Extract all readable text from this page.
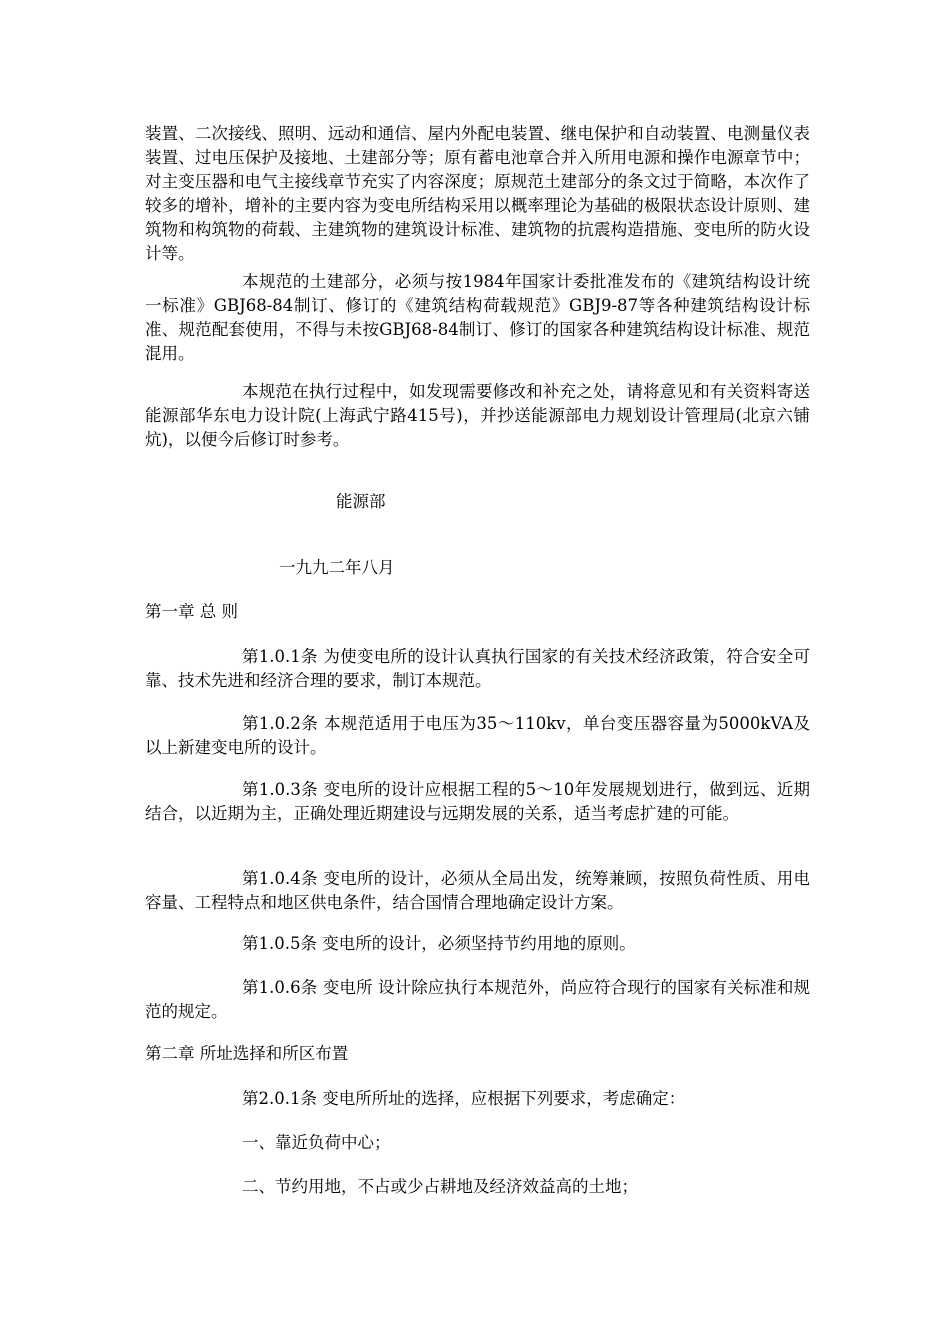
装置、二次接线、照明、远动和通信、屋内外配电装置、继电保护和自动装置、电测量仪表装置、过电压保护及接地、土建部分等；原有蓄电池章合并入所用电源和操作电源章节中；对主变压器和电气主接线章节充实了内容深度；原规范土建部分的条文过于简略，本次作了较多的增补，增补的主要内容为变电所结构采用以概率理论为基础的极限状态设计原则、建筑物和构筑物的荷载、主建筑物的建筑设计标准、建筑物的抗震构造措施、变电所的防火设计等。

本规范的土建部分，必须与按1984年国家计委批准发布的《建筑结构设计统一标准》GBJ68-84制订、修订的《建筑结构荷载规范》GBJ9-87等各种建筑结构设计标准、规范配套使用，不得与未按GBJ68-84制订、修订的国家各种建筑结构设计标准、规范混用。

本规范在执行过程中，如发现需要修改和补充之处，请将意见和有关资料寄送能源部华东电力设计院(上海武宁路415号)，并抄送能源部电力规划设计管理局(北京六铺炕)，以便今后修订时参考。

能源部

一九九二年八月

第一章 总 则

第1.0.1条 为使变电所的设计认真执行国家的有关技术经济政策，符合安全可靠、技术先进和经济合理的要求，制订本规范。

第1.0.2条 本规范适用于电压为35～110kv，单台变压器容量为5000kVA及以上新建变电所的设计。

第1.0.3条 变电所的设计应根据工程的5～10年发展规划进行，做到远、近期结合，以近期为主，正确处理近期建设与远期发展的关系，适当考虑扩建的可能。

第1.0.4条 变电所的设计，必须从全局出发，统筹兼顾，按照负荷性质、用电容量、工程特点和地区供电条件，结合国情合理地确定设计方案。

第1.0.5条 变电所的设计，必须坚持节约用地的原则。

第1.0.6条 变电所 设计除应执行本规范外，尚应符合现行的国家有关标准和规范的规定。

第二章 所址选择和所区布置

第2.0.1条 变电所所址的选择，应根据下列要求，考虑确定：

一、靠近负荷中心；

二、节约用地，不占或少占耕地及经济效益高的土地；
